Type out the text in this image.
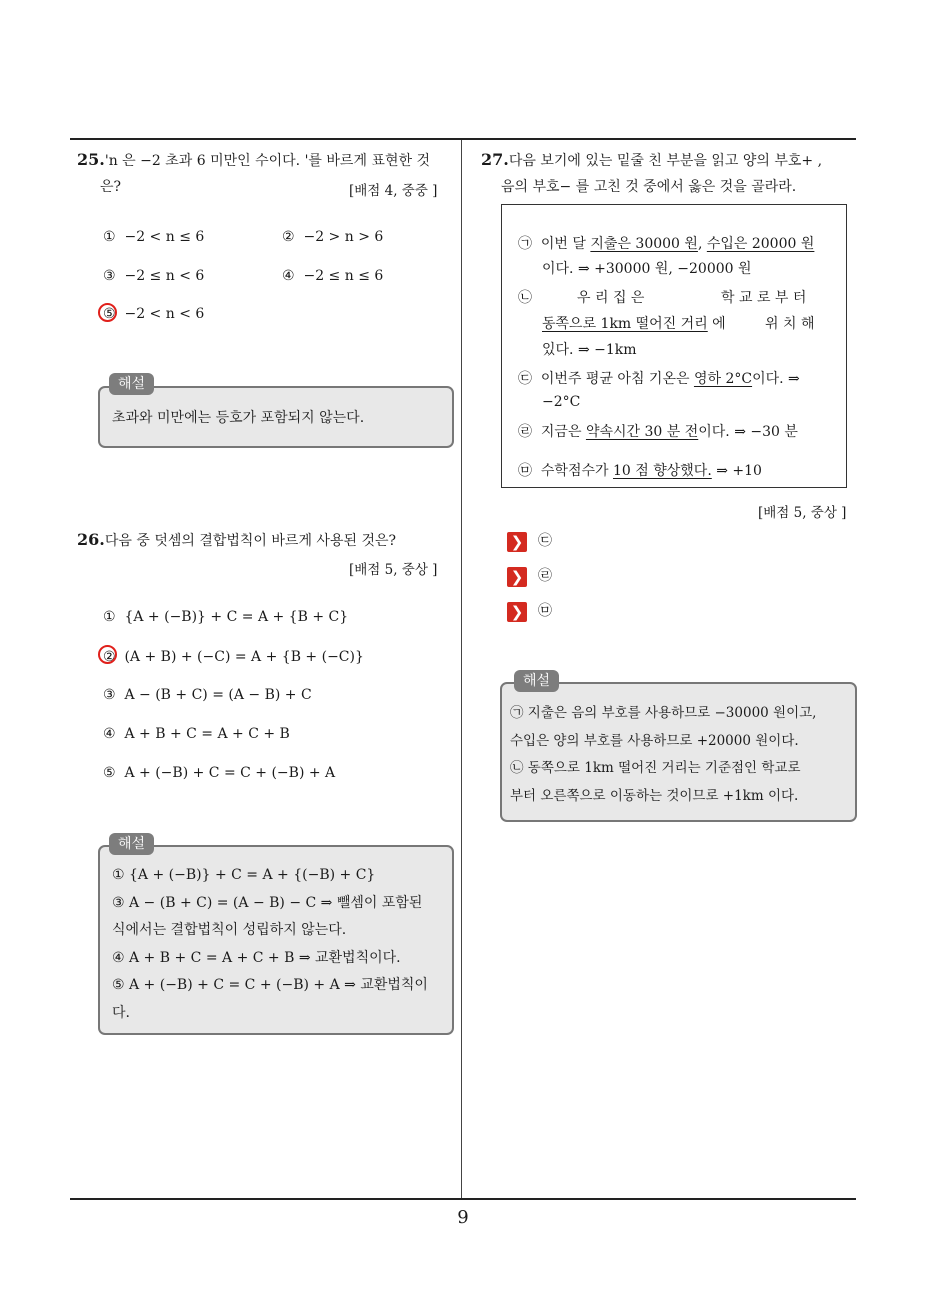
25.'n 은 −2 초과 6 미만인 수이다. '를 바르게 표현한 것
은?	[배점 4, 중중 ]
① −2 < n ≤ 6	② −2 > n > 6
③ −2 ≤ n < 6	④ −2 ≤ n ≤ 6
⑤ −2 < n < 6
초과와 미만에는 등호가 포함되지 않는다.
해설
26.다음 중 덧셈의 결합법칙이 바르게 사용된 것은?
[배점 5, 중상 ]
① {A + (−B)} + C = A + {B + C}
② (A + B) + (−C) = A + {B + (−C)}
③ A − (B + C) = (A − B) + C
④ A + B + C = A + C + B
⑤ A + (−B) + C = C + (−B) + A
① {A + (−B)} + C = A + {(−B) + C}
③ A − (B + C) = (A − B) − C ⇒ 뺄셈이 포함된
식에서는 결합법칙이 성립하지 않는다.
④ A + B + C = A + C + B ⇒ 교환법칙이다.
⑤ A + (−B) + C = C + (−B) + A ⇒ 교환법칙이
다.
해설
27.다음 보기에 있는 밑줄 친 부분을 읽고 양의 부호+ ,
음의 부호− 를 고친 것 중에서 옳은 것을 골라라.
㉠ 이번 달 지출은 30000 원, 수입은 20000 원
이다. ⇒ +30000 원, −20000 원
㉡	우 리 집 은	학 교 로 부 터
동쪽으로 1km 떨어진 거리 에	위 치 해
있다. ⇒ −1km
㉢ 이번주 평균 아침 기온은 영하 2°C이다. ⇒
−2°C
㉣ 지금은 약속시간 30 분 전이다. ⇒ −30 분
㉤ 수학점수가 10 점 향상했다. ⇒ +10
[배점 5, 중상 ]
❯ ㉢
❯ ㉣
❯ ㉤
㉠ 지출은 음의 부호를 사용하므로 −30000 원이고,
수입은 양의 부호를 사용하므로 +20000 원이다.
㉡ 동쪽으로 1km 떨어진 거리는 기준점인 학교로
부터 오른쪽으로 이동하는 것이므로 +1km 이다.
해설
9
